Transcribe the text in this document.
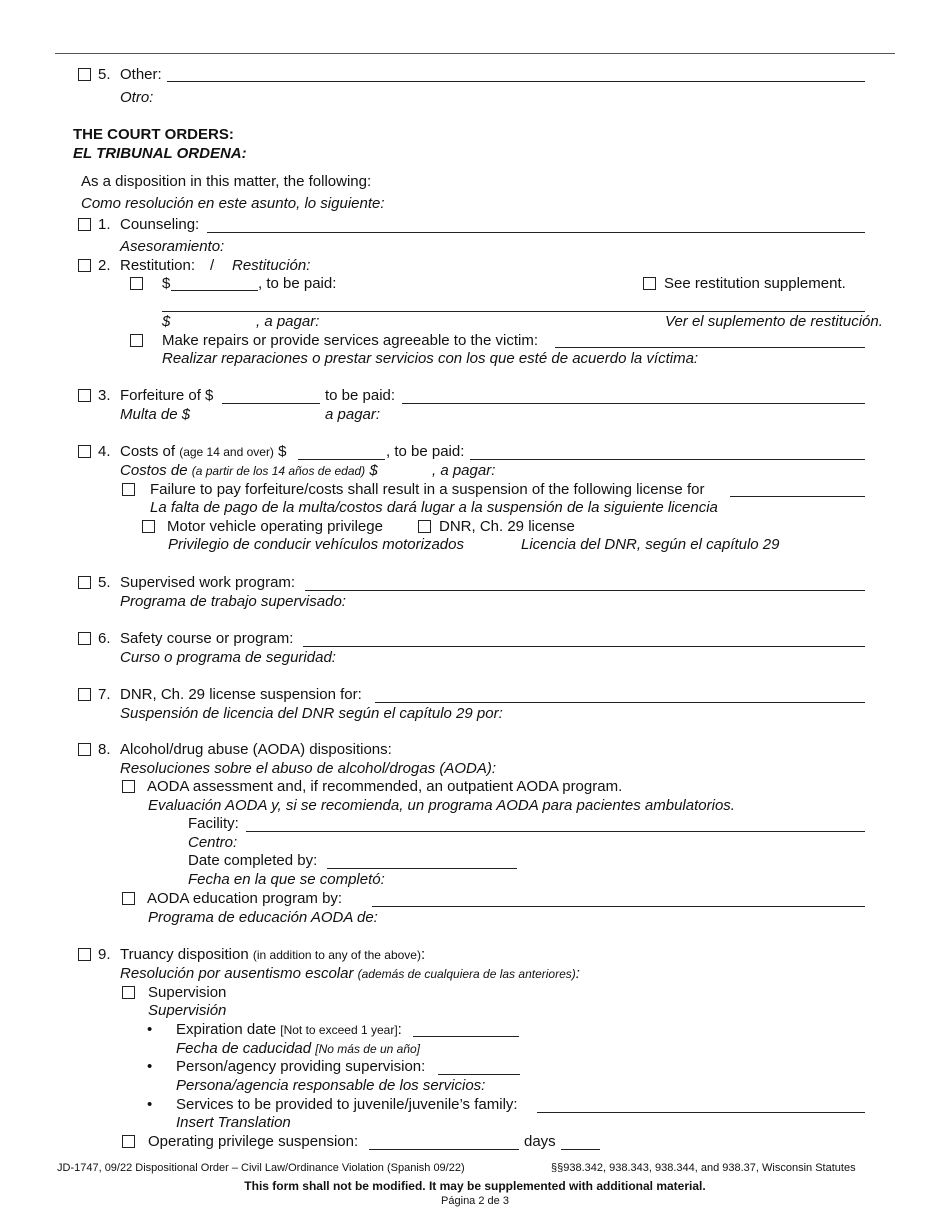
5. Other:
Otro:
THE COURT ORDERS:
EL TRIBUNAL ORDENA:
As a disposition in this matter, the following:
Como resolución en este asunto, lo siguiente:
1. Counseling:
Asesoramiento:
2. Restitution: / Restitución:
$	, to be paid:	See restitution supplement.
$	, a pagar:	Ver el suplemento de restitución.
Make repairs or provide services agreeable to the victim:
Realizar reparaciones o prestar servicios con los que esté de acuerdo la víctima:
3. Forfeiture of $	to be paid:
Multa de $	a pagar:
4. Costs of (age 14 and over) $	, to be paid:
Costos de (a partir de los 14 años de edad) $	, a pagar:
Failure to pay forfeiture/costs shall result in a suspension of the following license for
La falta de pago de la multa/costos dará lugar a la suspensión de la siguiente licencia
Motor vehicle operating privilege	DNR, Ch. 29 license
Privilegio de conducir vehículos motorizados	Licencia del DNR, según el capítulo 29
5. Supervised work program:
Programa de trabajo supervisado:
6. Safety course or program:
Curso o programa de seguridad:
7. DNR, Ch. 29 license suspension for:
Suspensión de licencia del DNR según el capítulo 29 por:
8. Alcohol/drug abuse (AODA) dispositions:
Resoluciones sobre el abuso de alcohol/drogas (AODA):
AODA assessment and, if recommended, an outpatient AODA program.
Evaluación AODA y, si se recomienda, un programa AODA para pacientes ambulatorios.
Facility:
Centro:
Date completed by:
Fecha en la que se completó:
AODA education program by:
Programa de educación AODA de:
9. Truancy disposition (in addition to any of the above):
Resolución por ausentismo escolar (además de cualquiera de las anteriores):
Supervision
Supervisión
• Expiration date [Not to exceed 1 year]:
Fecha de caducidad [No más de un año]
• Person/agency providing supervision:
Persona/agencia responsable de los servicios:
• Services to be provided to juvenile/juvenile’s family:
Insert Translation
Operating privilege suspension:	days
JD-1747, 09/22 Dispositional Order – Civil Law/Ordinance Violation (Spanish 09/22)	§§938.342, 938.343, 938.344, and 938.37, Wisconsin Statutes
This form shall not be modified. It may be supplemented with additional material.
Página 2 de 3
